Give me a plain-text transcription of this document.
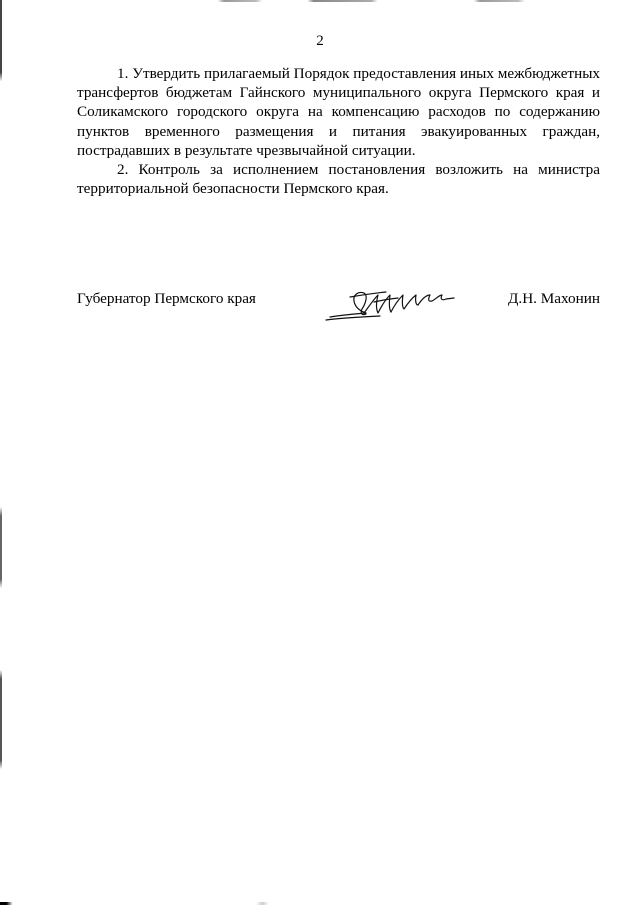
2

1. Утвердить прилагаемый Порядок предоставления иных межбюджетных трансфертов бюджетам Гайнского муниципального округа Пермского края и Соликамского городского округа на компенсацию расходов по содержанию пунктов временного размещения и питания эвакуированных граждан, пострадавших в результате чрезвычайной ситуации.

2. Контроль за исполнением постановления возложить на министра территориальной безопасности Пермского края.

Губернатор Пермского края	Д.Н. Махонин
